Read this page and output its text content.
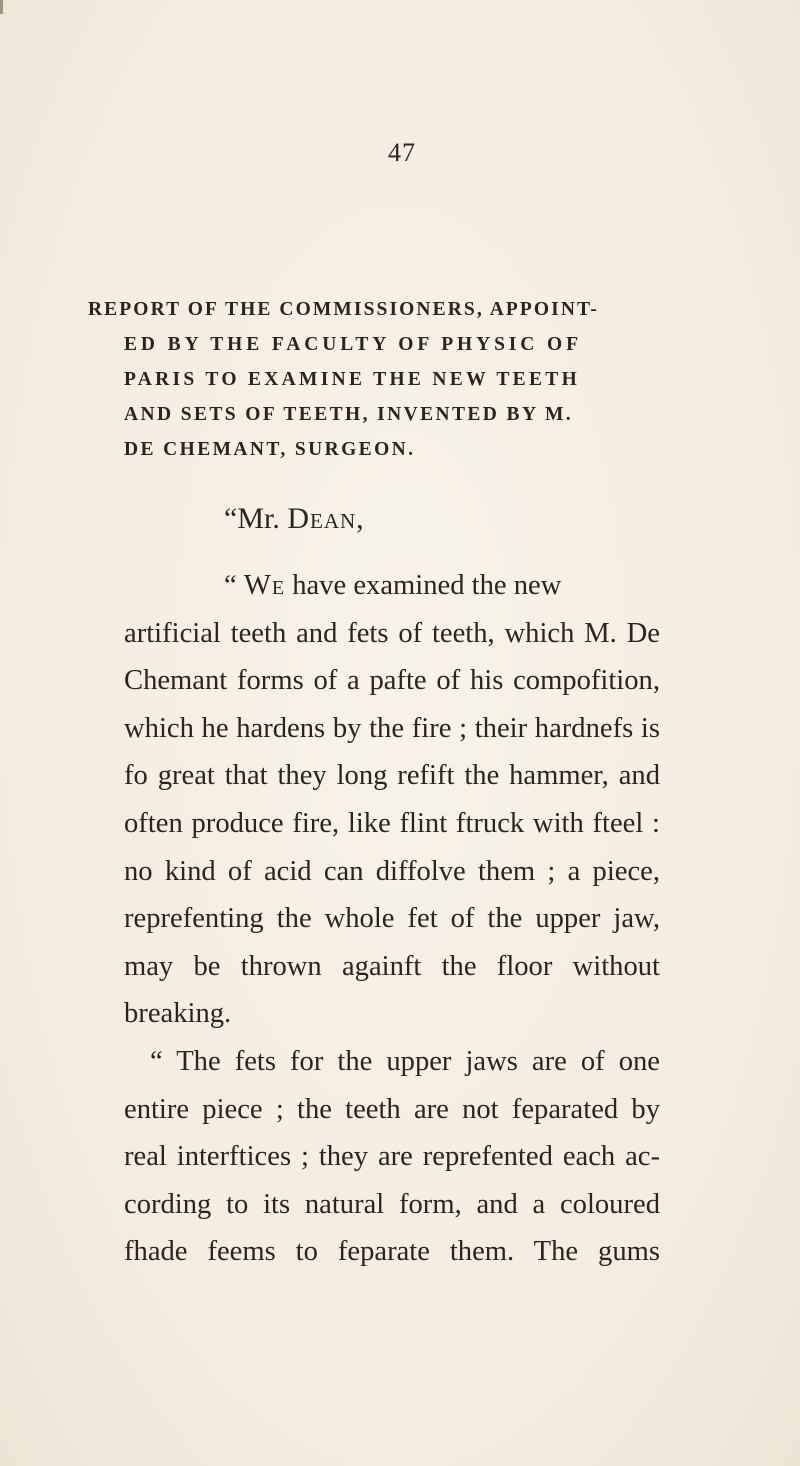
47
REPORT OF THE COMMISSIONERS, APPOINT-
ED BY THE FACULTY OF PHYSIC OF
PARIS TO EXAMINE THE NEW TEETH
AND SETS OF TEETH, INVENTED BY M.
DE CHEMANT, SURGEON.
“Mr. Dean,
“ We have examined the new
artificial teeth and fets of teeth, which M. De
Chemant forms of a pafte of his compofition,
which he hardens by the fire ; their hardnefs is
fo great that they long refift the hammer, and
often produce fire, like flint ftruck with fteel :
no kind of acid can diffolve them ; a piece,
reprefenting the whole fet of the upper jaw,
may be thrown againft the floor without
breaking.
“ The fets for the upper jaws are of one
entire piece ; the teeth are not feparated by
real interftices ; they are reprefented each ac-
cording to its natural form, and a coloured
fhade feems to feparate them. The gums
